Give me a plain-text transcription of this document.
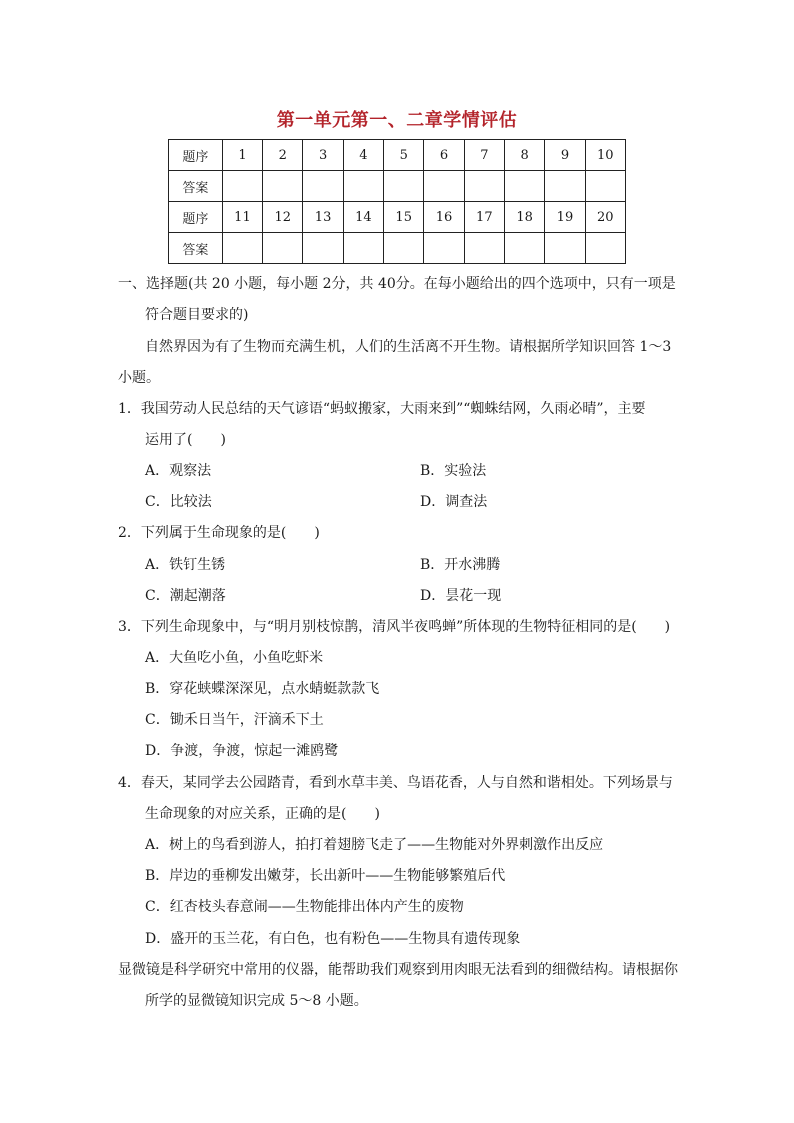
第一单元第一、二章学情评估
题序	1	2	3	4	5	6	7	8	9	10
答案										
题序	11	12	13	14	15	16	17	18	19	20
答案										
一、选择题(共 20 小题，每小题 2分，共 40分。在每小题给出的四个选项中，只有一项是
符合题目要求的)
自然界因为有了生物而充满生机，人们的生活离不开生物。请根据所学知识回答 1～3
小题。
1．我国劳动人民总结的天气谚语“蚂蚁搬家，大雨来到”“蜘蛛结网，久雨必晴”，主要
运用了(　　)
A．观察法	B．实验法
C．比较法	D．调查法
2．下列属于生命现象的是(　　)
A．铁钉生锈	B．开水沸腾
C．潮起潮落	D．昙花一现
3．下列生命现象中，与“明月别枝惊鹊，清风半夜鸣蝉”所体现的生物特征相同的是(　　)
A．大鱼吃小鱼，小鱼吃虾米
B．穿花蛱蝶深深见，点水蜻蜓款款飞
C．锄禾日当午，汗滴禾下土
D．争渡，争渡，惊起一滩鸥鹭
4．春天，某同学去公园踏青，看到水草丰美、鸟语花香，人与自然和谐相处。下列场景与
生命现象的对应关系，正确的是(　　)
A．树上的鸟看到游人，拍打着翅膀飞走了——生物能对外界刺激作出反应
B．岸边的垂柳发出嫩芽，长出新叶——生物能够繁殖后代
C．红杏枝头春意闹——生物能排出体内产生的废物
D．盛开的玉兰花，有白色，也有粉色——生物具有遗传现象
显微镜是科学研究中常用的仪器，能帮助我们观察到用肉眼无法看到的细微结构。请根据你
所学的显微镜知识完成 5～8 小题。
